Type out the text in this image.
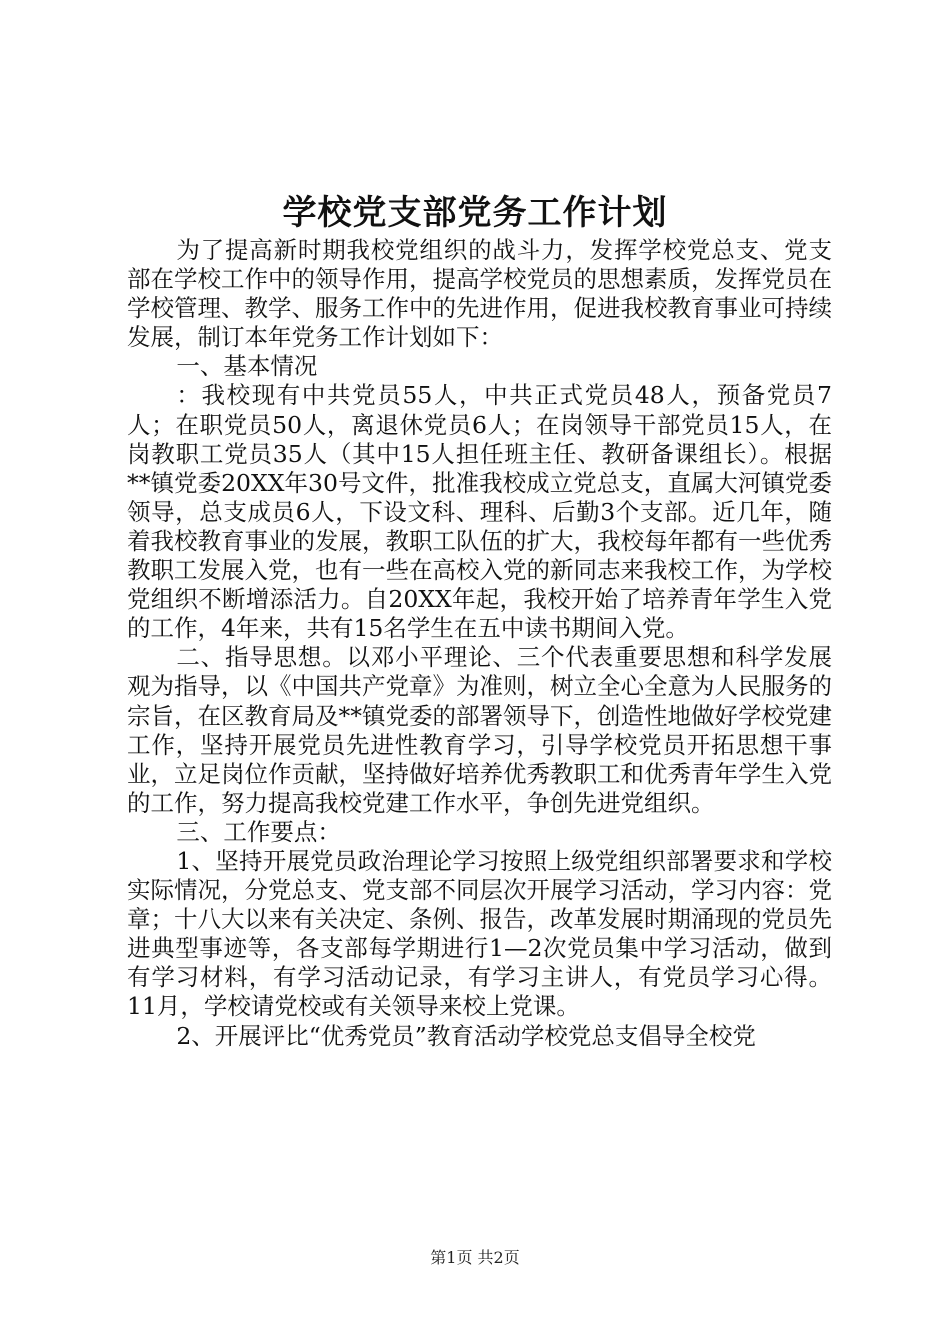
学校党支部党务工作计划

为了提高新时期我校党组织的战斗力，发挥学校党总支、党支部在学校工作中的领导作用，提高学校党员的思想素质，发挥党员在学校管理、教学、服务工作中的先进作用，促进我校教育事业可持续发展，制订本年党务工作计划如下：

一、基本情况

：我校现有中共党员55人，中共正式党员48人，预备党员7人；在职党员50人，离退休党员6人；在岗领导干部党员15人，在岗教职工党员35人（其中15人担任班主任、教研备课组长）。根据**镇党委20XX年30号文件，批准我校成立党总支，直属大河镇党委领导，总支成员6人，下设文科、理科、后勤3个支部。近几年，随着我校教育事业的发展，教职工队伍的扩大，我校每年都有一些优秀教职工发展入党，也有一些在高校入党的新同志来我校工作，为学校党组织不断增添活力。自20XX年起，我校开始了培养青年学生入党的工作，4年来，共有15名学生在五中读书期间入党。

二、指导思想。以邓小平理论、三个代表重要思想和科学发展观为指导，以《中国共产党章》为准则，树立全心全意为人民服务的宗旨，在区教育局及**镇党委的部署领导下，创造性地做好学校党建工作，坚持开展党员先进性教育学习，引导学校党员开拓思想干事业，立足岗位作贡献，坚持做好培养优秀教职工和优秀青年学生入党的工作，努力提高我校党建工作水平，争创先进党组织。

三、工作要点：

1、坚持开展党员政治理论学习按照上级党组织部署要求和学校实际情况，分党总支、党支部不同层次开展学习活动，学习内容：党章；十八大以来有关决定、条例、报告，改革发展时期涌现的党员先进典型事迹等，各支部每学期进行1—2次党员集中学习活动，做到有学习材料，有学习活动记录，有学习主讲人，有党员学习心得。11月，学校请党校或有关领导来校上党课。

2、开展评比“优秀党员”教育活动学校党总支倡导全校党

第1页 共2页
